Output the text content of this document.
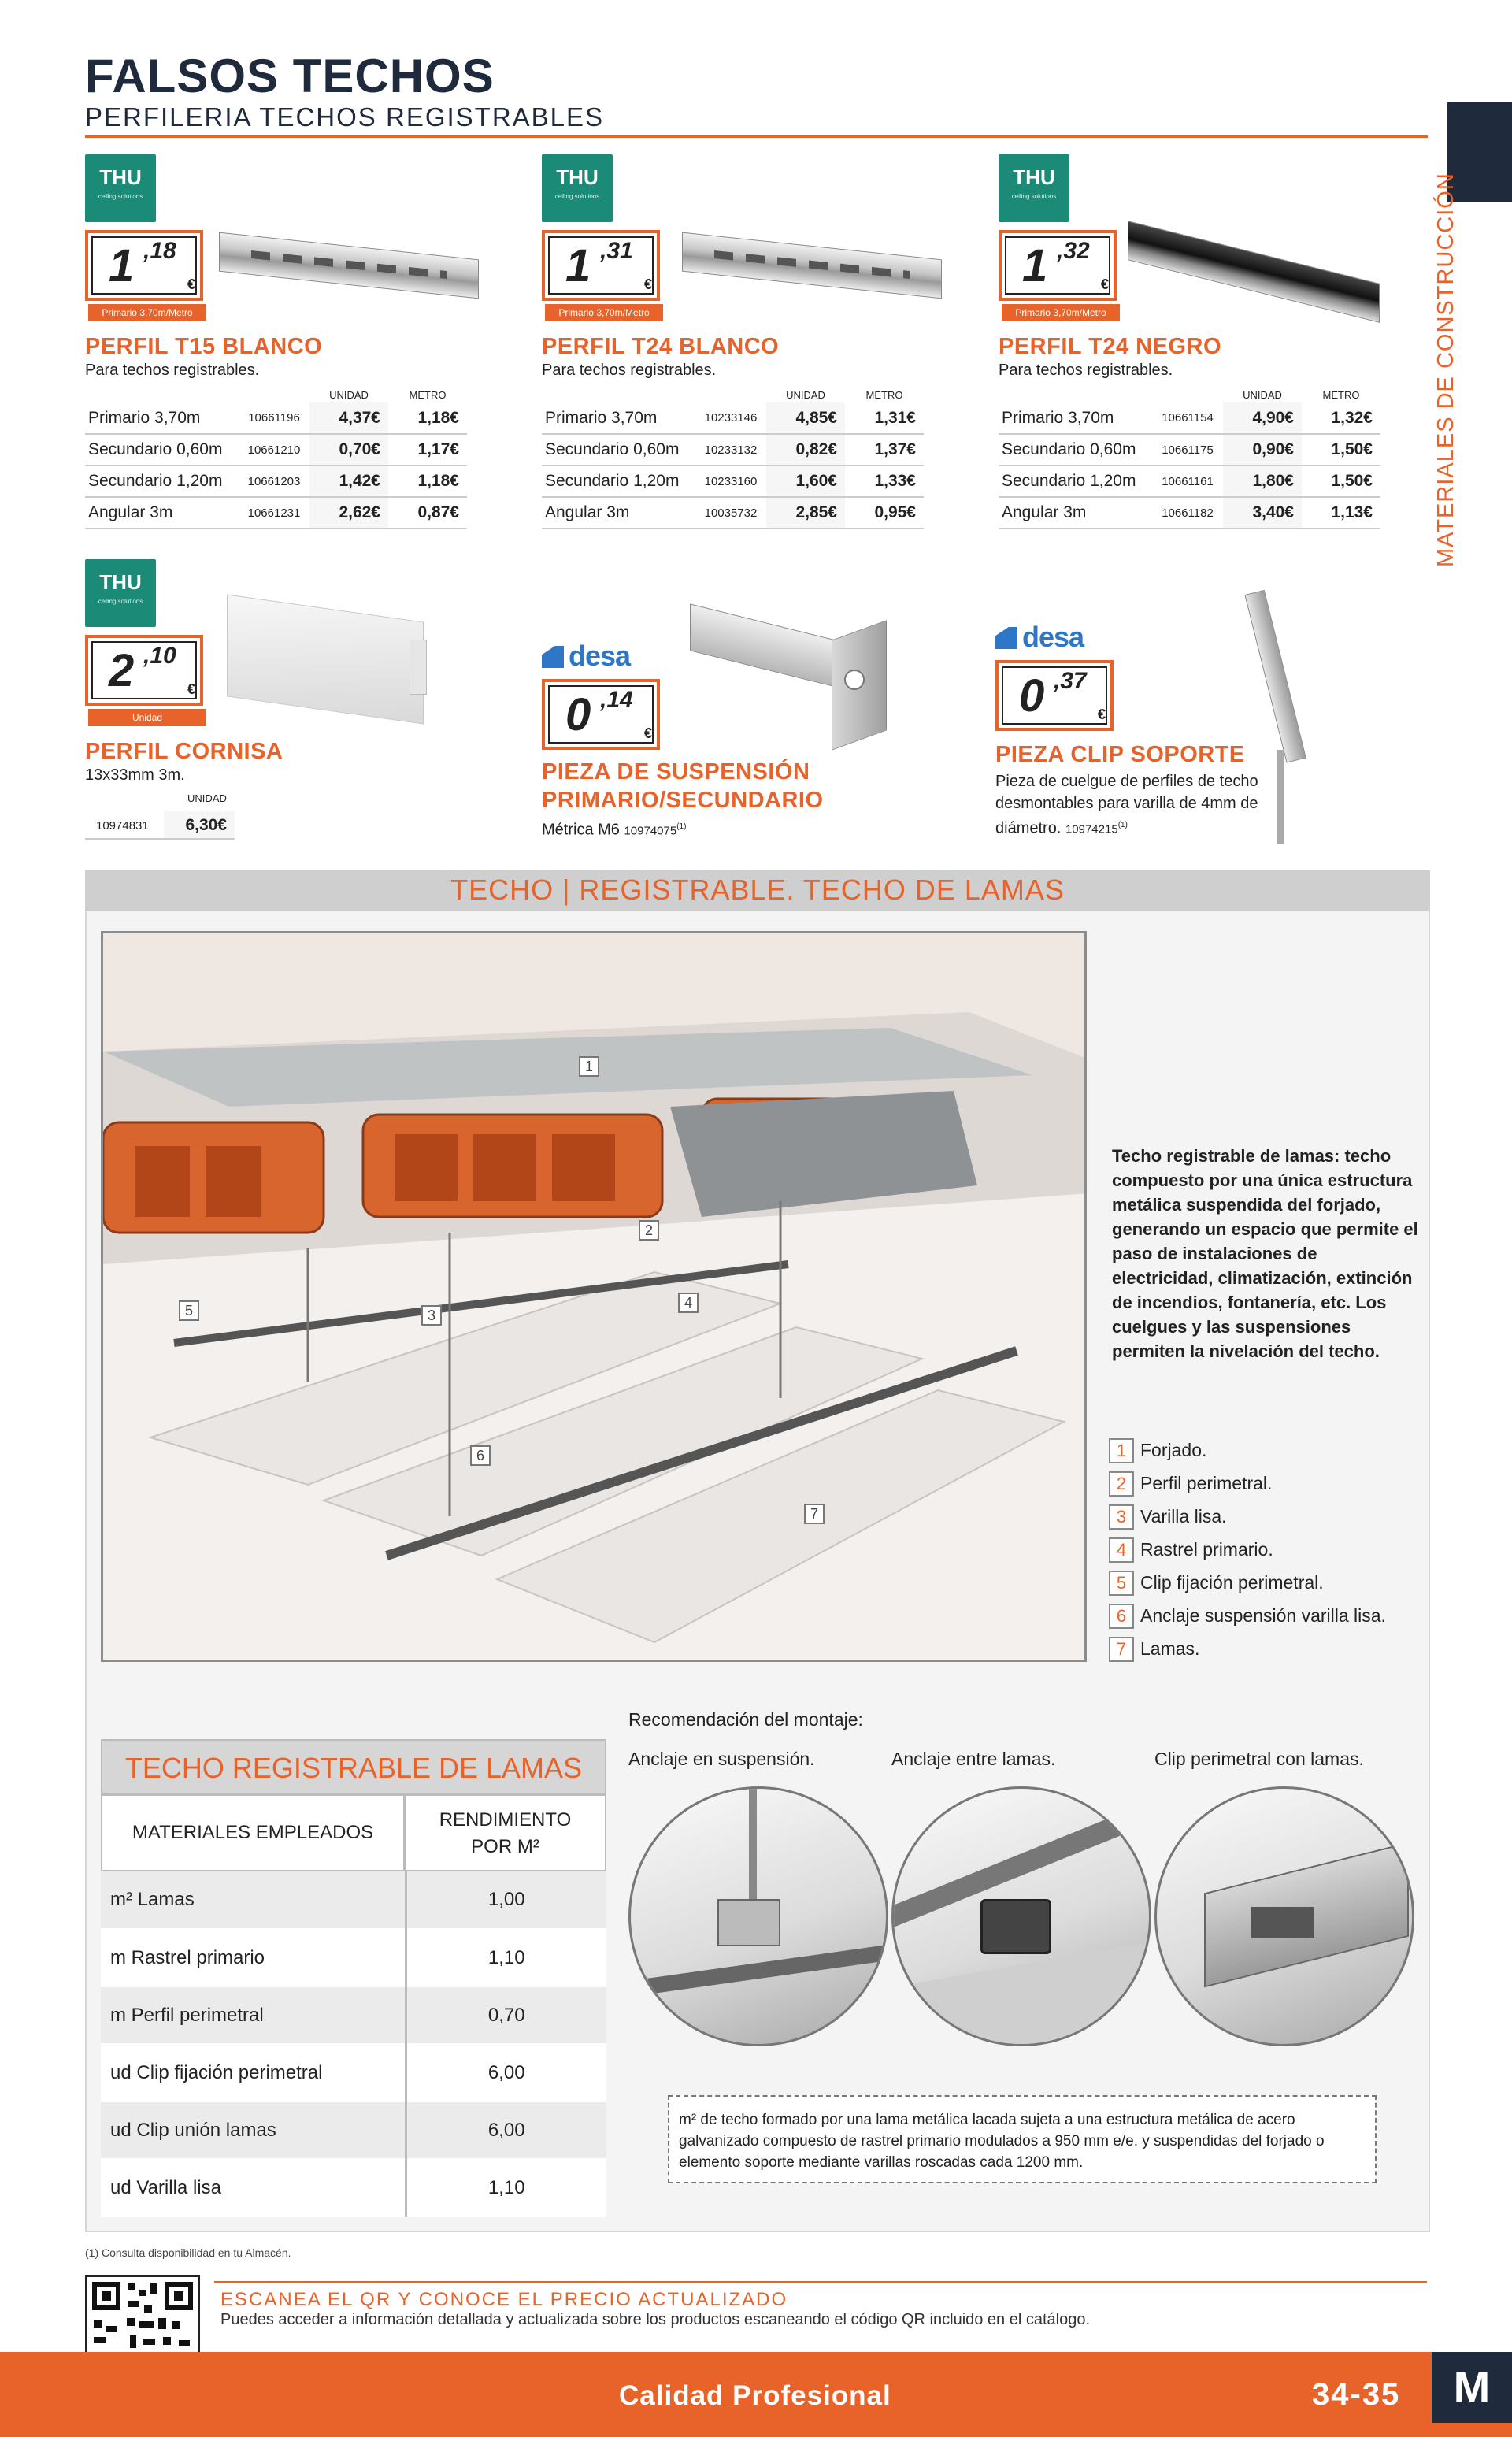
FALSOS TECHOS
PERFILERIA TECHOS REGISTRABLES
MATERIALES DE CONSTRUCCIÓN
THU
ceiling solutions
1 ,18
€
Primario 3,70m/Metro
PERFIL T15 BLANCO
Para techos registrables.
		UNIDAD	METRO
Primario 3,70m	10661196	4,37€	1,18€
Secundario 0,60m	10661210	0,70€	1,17€
Secundario 1,20m	10661203	1,42€	1,18€
Angular 3m	10661231	2,62€	0,87€
THU
ceiling solutions
1 ,31
€
Primario 3,70m/Metro
PERFIL T24 BLANCO
Para techos registrables.
		UNIDAD	METRO
Primario 3,70m	10233146	4,85€	1,31€
Secundario 0,60m	10233132	0,82€	1,37€
Secundario 1,20m	10233160	1,60€	1,33€
Angular 3m	10035732	2,85€	0,95€
THU
ceiling solutions
1 ,32
€
Primario 3,70m/Metro
PERFIL T24 NEGRO
Para techos registrables.
		UNIDAD	METRO
Primario 3,70m	10661154	4,90€	1,32€
Secundario 0,60m	10661175	0,90€	1,50€
Secundario 1,20m	10661161	1,80€	1,50€
Angular 3m	10661182	3,40€	1,13€
THU
ceiling solutions
2 ,10
€
Unidad
PERFIL CORNISA
13x33mm 3m.
UNIDAD
10974831	6,30€
desa
0 ,14
€
PIEZA DE SUSPENSIÓN
PRIMARIO/SECUNDARIO
Métrica M6 10974075$^{(1)}$
desa
0 ,37
€
PIEZA CLIP SOPORTE
Pieza de cuelgue de perfiles de techo
desmontables para varilla de 4mm de
diámetro. 10974215$^{(1)}$
TECHO | REGISTRABLE. TECHO DE LAMAS
1
2
3
4
5
6
7
Techo registrable de lamas: techo compuesto por una única estructura metálica suspendida del forjado, generando un espacio que permite el paso de instalaciones de electricidad, climatización, extinción de incendios, fontanería, etc. Los cuelgues y las suspensiones permiten la nivelación del techo.
1 Forjado.
2 Perfil perimetral.
3 Varilla lisa.
4 Rastrel primario.
5 Clip fijación perimetral.
6 Anclaje suspensión varilla lisa.
7 Lamas.
TECHO REGISTRABLE DE LAMAS
MATERIALES EMPLEADOS
RENDIMIENTO
POR M²
m² Lamas	1,00
m Rastrel primario	1,10
m Perfil perimetral	0,70
ud Clip fijación perimetral	6,00
ud Clip unión lamas	6,00
ud Varilla lisa	1,10
Recomendación del montaje:
Anclaje en suspensión.	Anclaje entre lamas.	Clip perimetral con lamas.
m² de techo formado por una lama metálica lacada sujeta a una estructura metálica de acero galvanizado compuesto de rastrel primario modulados a 950 mm e/e. y suspendidas del forjado o elemento soporte mediante varillas roscadas cada 1200 mm.
(1) Consulta disponibilidad en tu Almacén.
ESCANEA EL QR Y CONOCE EL PRECIO ACTUALIZADO
Puedes acceder a información detallada y actualizada sobre los productos escaneando el código QR incluido en el catálogo.
Calidad Profesional	34-35	M
